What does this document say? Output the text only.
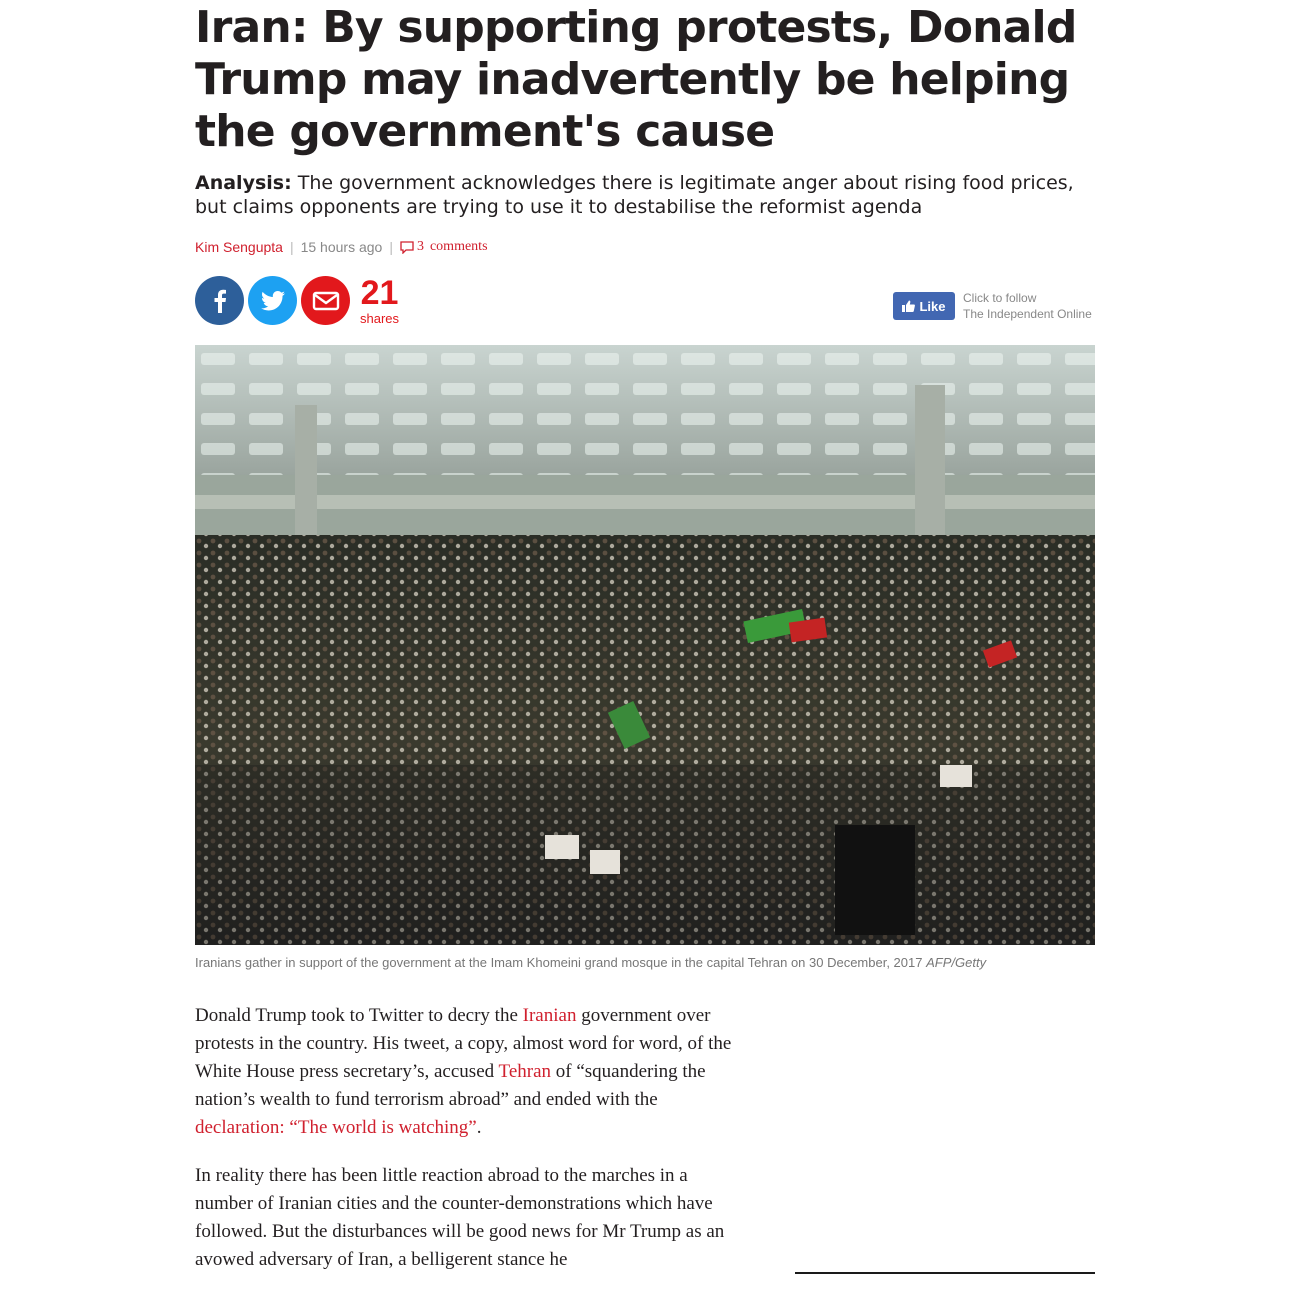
Iran: By supporting protests, Donald Trump may inadvertently be helping the government's cause
Analysis: The government acknowledges there is legitimate anger about rising food prices, but claims opponents are trying to use it to destabilise the reformist agenda
Kim Sengupta | 15 hours ago | 3 comments
21
shares
Like
Click to follow
The Independent Online
Iranians gather in support of the government at the Imam Khomeini grand mosque in the capital Tehran on 30 December, 2017 AFP/Getty

Donald Trump took to Twitter to decry the Iranian government over protests in the country. His tweet, a copy, almost word for word, of the White House press secretary’s, accused Tehran of “squandering the nation’s wealth to fund terrorism abroad” and ended with the declaration: “The world is watching”.

In reality there has been little reaction abroad to the marches in a number of Iranian cities and the counter-demonstrations which have followed. But the disturbances will be good news for Mr Trump as an avowed adversary of Iran, a belligerent stance he
